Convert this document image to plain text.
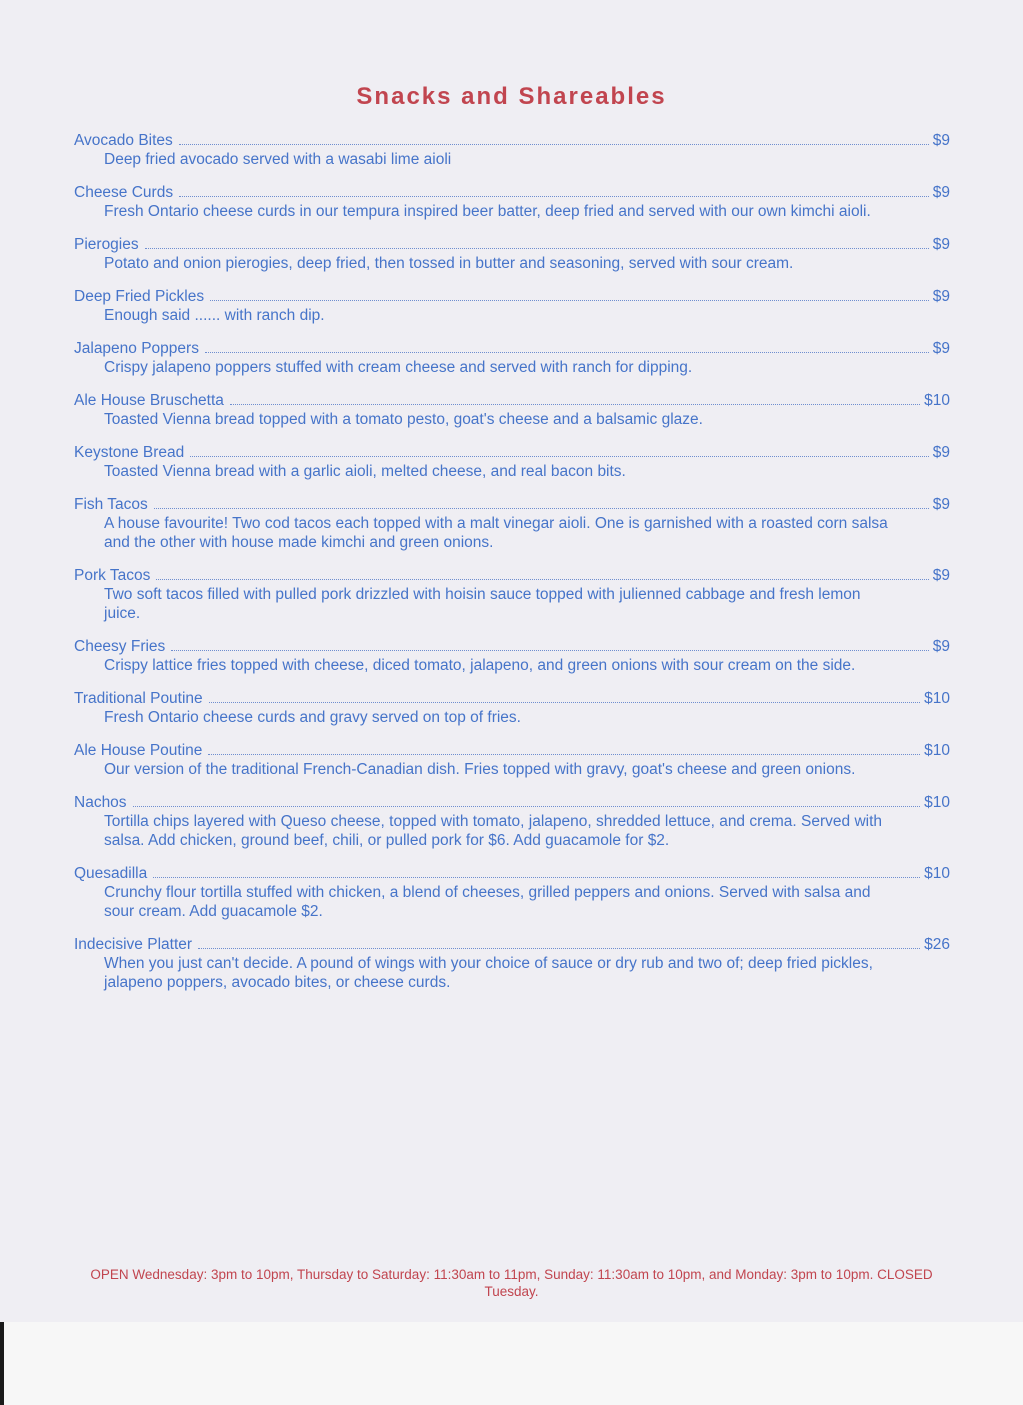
Snacks and Shareables
Avocado Bites	$9
Deep fried avocado served with a wasabi lime aioli
Cheese Curds	$9
Fresh Ontario cheese curds in our tempura inspired beer batter, deep fried and served with our own kimchi aioli.
Pierogies	$9
Potato and onion pierogies, deep fried, then tossed in butter and seasoning, served with sour cream.
Deep Fried Pickles	$9
Enough said ...... with ranch dip.
Jalapeno Poppers	$9
Crispy jalapeno poppers stuffed with cream cheese and served with ranch for dipping.
Ale House Bruschetta	$10
Toasted Vienna bread topped with a tomato pesto, goat's cheese and a balsamic glaze.
Keystone Bread	$9
Toasted Vienna bread with a garlic aioli, melted cheese, and real bacon bits.
Fish Tacos	$9
A house favourite! Two cod tacos each topped with a malt vinegar aioli. One is garnished with a roasted corn salsa and the other with house made kimchi and green onions.
Pork Tacos	$9
Two soft tacos filled with pulled pork drizzled with hoisin sauce topped with julienned cabbage and fresh lemon juice.
Cheesy Fries	$9
Crispy lattice fries topped with cheese, diced tomato, jalapeno, and green onions with sour cream on the side.
Traditional Poutine	$10
Fresh Ontario cheese curds and gravy served on top of fries.
Ale House Poutine	$10
Our version of the traditional French-Canadian dish. Fries topped with gravy, goat's cheese and green onions.
Nachos	$10
Tortilla chips layered with Queso cheese, topped with tomato, jalapeno, shredded lettuce, and crema. Served with salsa. Add chicken, ground beef, chili, or pulled pork for $6. Add guacamole for $2.
Quesadilla	$10
Crunchy flour tortilla stuffed with chicken, a blend of cheeses, grilled peppers and onions. Served with salsa and sour cream. Add guacamole $2.
Indecisive Platter	$26
When you just can't decide. A pound of wings with your choice of sauce or dry rub and two of; deep fried pickles, jalapeno poppers, avocado bites, or cheese curds.
OPEN Wednesday: 3pm to 10pm, Thursday to Saturday: 11:30am to 11pm, Sunday: 11:30am to 10pm, and Monday: 3pm to 10pm. CLOSED Tuesday.
